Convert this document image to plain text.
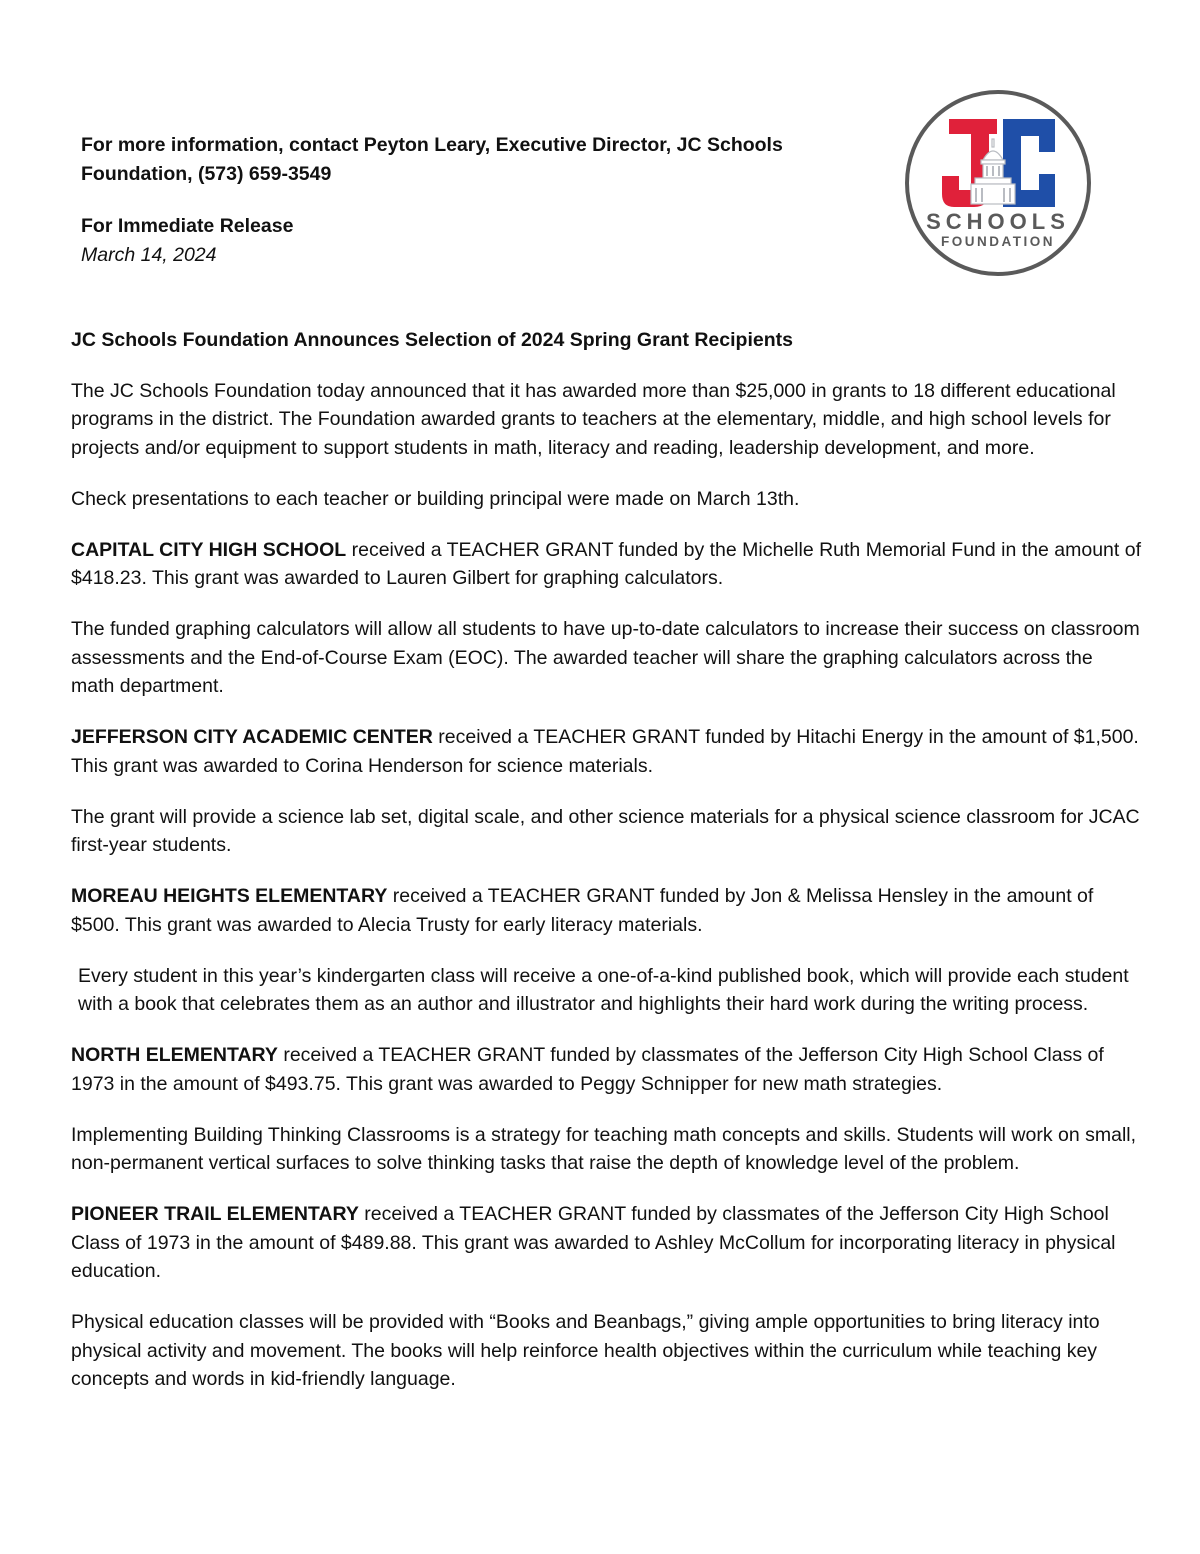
For more information, contact Peyton Leary, Executive Director, JC Schools Foundation, (573) 659-3549
For Immediate Release
March 14, 2024
SCHOOLS
FOUNDATION

JC Schools Foundation Announces Selection of 2024 Spring Grant Recipients

The JC Schools Foundation today announced that it has awarded more than $25,000 in grants to 18 different educational programs in the district. The Foundation awarded grants to teachers at the elementary, middle, and high school levels for projects and/or equipment to support students in math, literacy and reading, leadership development, and more.

Check presentations to each teacher or building principal were made on March 13th.

CAPITAL CITY HIGH SCHOOL received a TEACHER GRANT funded by the Michelle Ruth Memorial Fund in the amount of $418.23. This grant was awarded to Lauren Gilbert for graphing calculators.

The funded graphing calculators will allow all students to have up-to-date calculators to increase their success on classroom assessments and the End-of-Course Exam (EOC). The awarded teacher will share the graphing calculators across the math department.

JEFFERSON CITY ACADEMIC CENTER received a TEACHER GRANT funded by Hitachi Energy in the amount of $1,500. This grant was awarded to Corina Henderson for science materials.

The grant will provide a science lab set, digital scale, and other science materials for a physical science classroom for JCAC first-year students.

MOREAU HEIGHTS ELEMENTARY received a TEACHER GRANT funded by Jon & Melissa Hensley in the amount of $500. This grant was awarded to Alecia Trusty for early literacy materials.

Every student in this year’s kindergarten class will receive a one-of-a-kind published book, which will provide each student with a book that celebrates them as an author and illustrator and highlights their hard work during the writing process.

NORTH ELEMENTARY received a TEACHER GRANT funded by classmates of the Jefferson City High School Class of 1973 in the amount of $493.75. This grant was awarded to Peggy Schnipper for new math strategies.

Implementing Building Thinking Classrooms is a strategy for teaching math concepts and skills. Students will work on small, non-permanent vertical surfaces to solve thinking tasks that raise the depth of knowledge level of the problem.

PIONEER TRAIL ELEMENTARY received a TEACHER GRANT funded by classmates of the Jefferson City High School Class of 1973 in the amount of $489.88. This grant was awarded to Ashley McCollum for incorporating literacy in physical education.

Physical education classes will be provided with “Books and Beanbags,” giving ample opportunities to bring literacy into physical activity and movement. The books will help reinforce health objectives within the curriculum while teaching key concepts and words in kid-friendly language.
